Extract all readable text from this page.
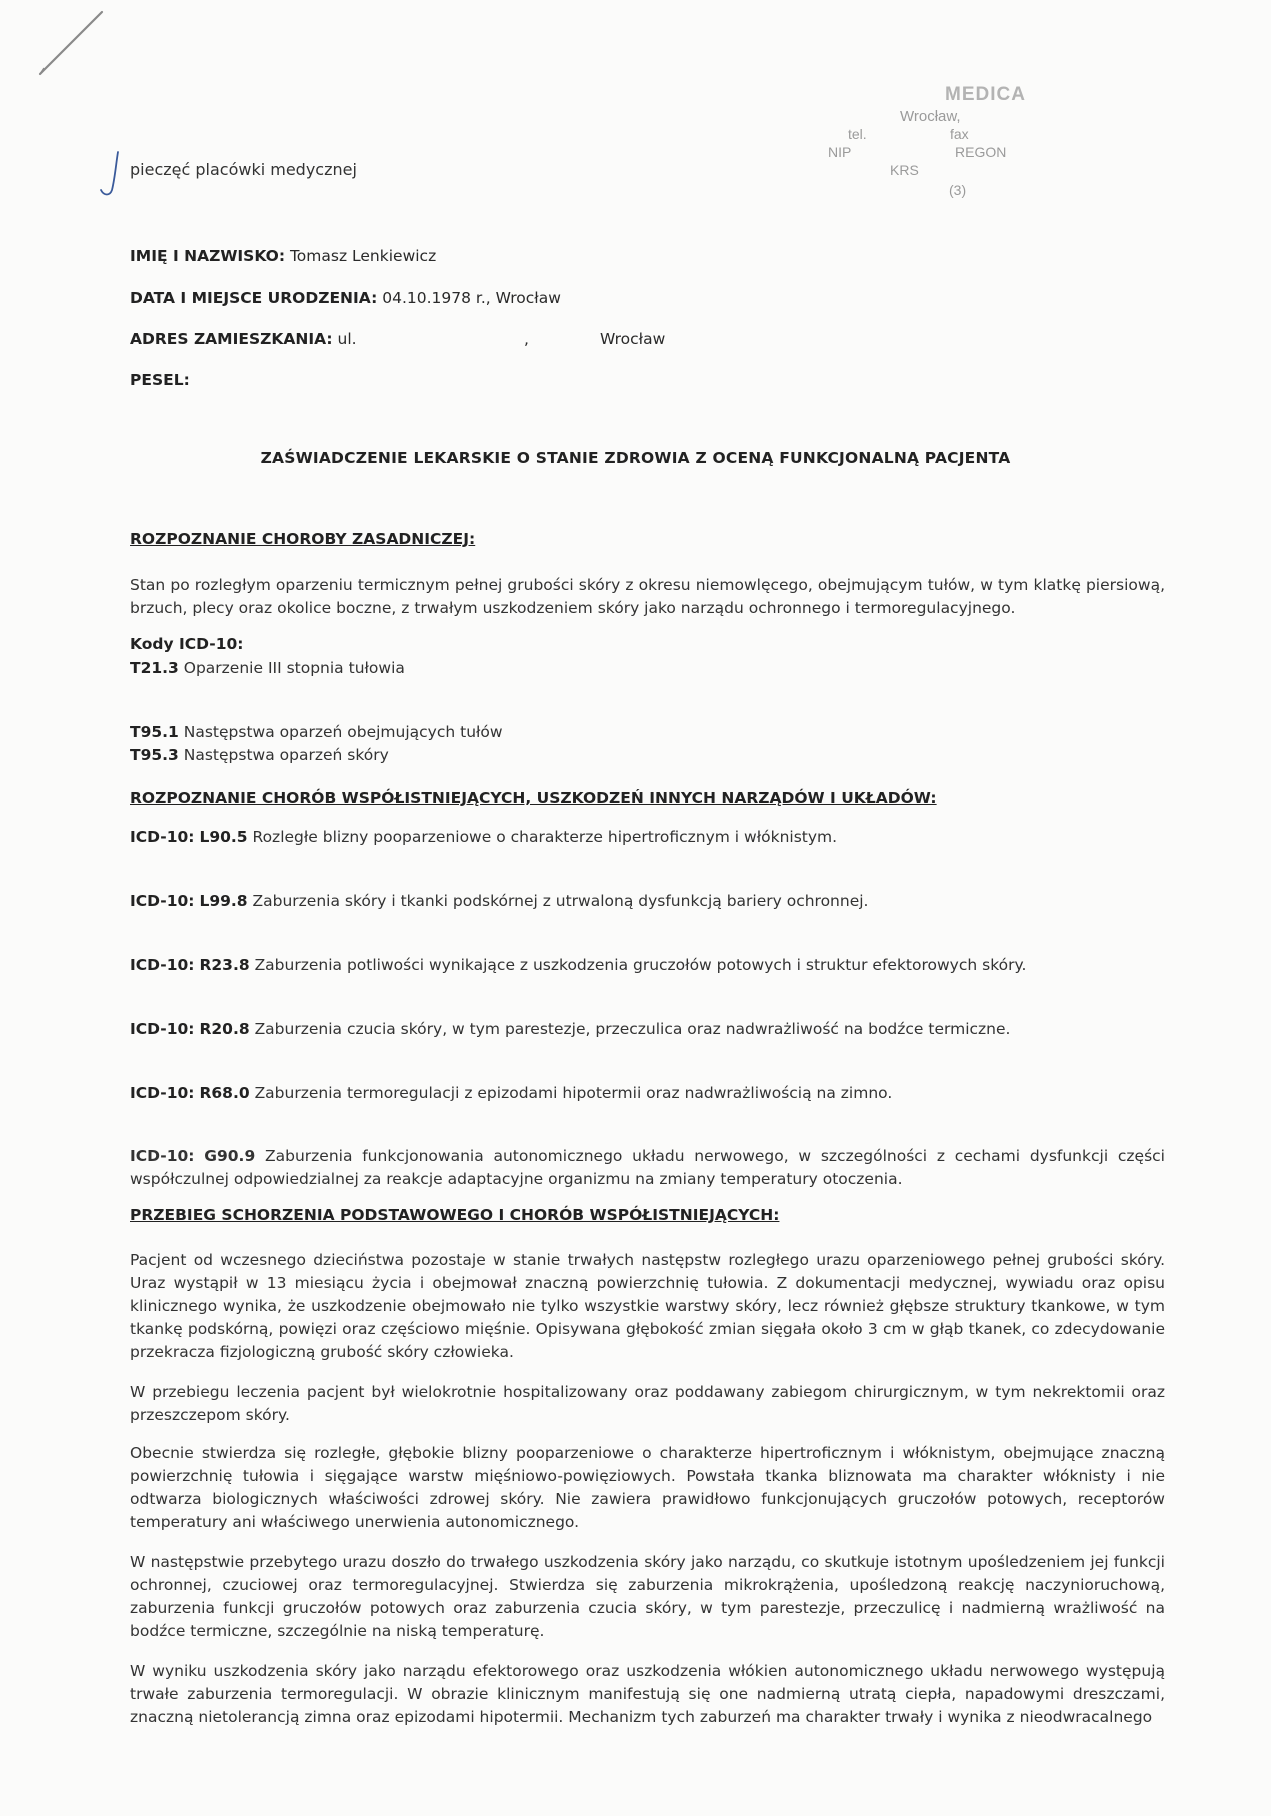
MEDICA
Wrocław,
tel.	fax
NIP	REGON
KRS
(3)
pieczęć placówki medycznej
IMIĘ I NAZWISKO: Tomasz Lenkiewicz
DATA I MIEJSCE URODZENIA: 04.10.1978 r., Wrocław
ADRES ZAMIESZKANIA: ul.	,	Wrocław
PESEL:
ZAŚWIADCZENIE LEKARSKIE O STANIE ZDROWIA Z OCENĄ FUNKCJONALNĄ PACJENTA
ROZPOZNANIE CHOROBY ZASADNICZEJ:
Stan po rozległym oparzeniu termicznym pełnej grubości skóry z okresu niemowlęcego, obejmującym tułów, w tym klatkę piersiową, brzuch, plecy oraz okolice boczne, z trwałym uszkodzeniem skóry jako narządu ochronnego i termoregulacyjnego.
Kody ICD-10:
T21.3 Oparzenie III stopnia tułowia
T95.1 Następstwa oparzeń obejmujących tułów
T95.3 Następstwa oparzeń skóry
ROZPOZNANIE CHORÓB WSPÓŁISTNIEJĄCYCH, USZKODZEŃ INNYCH NARZĄDÓW I UKŁADÓW:
ICD-10: L90.5 Rozległe blizny pooparzeniowe o charakterze hipertroficznym i włóknistym.
ICD-10: L99.8 Zaburzenia skóry i tkanki podskórnej z utrwaloną dysfunkcją bariery ochronnej.
ICD-10: R23.8 Zaburzenia potliwości wynikające z uszkodzenia gruczołów potowych i struktur efektorowych skóry.
ICD-10: R20.8 Zaburzenia czucia skóry, w tym parestezje, przeczulica oraz nadwrażliwość na bodźce termiczne.
ICD-10: R68.0 Zaburzenia termoregulacji z epizodami hipotermii oraz nadwrażliwością na zimno.
ICD-10: G90.9 Zaburzenia funkcjonowania autonomicznego układu nerwowego, w szczególności z cechami dysfunkcji części współczulnej odpowiedzialnej za reakcje adaptacyjne organizmu na zmiany temperatury otoczenia.
PRZEBIEG SCHORZENIA PODSTAWOWEGO I CHORÓB WSPÓŁISTNIEJĄCYCH:
Pacjent od wczesnego dzieciństwa pozostaje w stanie trwałych następstw rozległego urazu oparzeniowego pełnej grubości skóry. Uraz wystąpił w 13 miesiącu życia i obejmował znaczną powierzchnię tułowia. Z dokumentacji medycznej, wywiadu oraz opisu klinicznego wynika, że uszkodzenie obejmowało nie tylko wszystkie warstwy skóry, lecz również głębsze struktury tkankowe, w tym tkankę podskórną, powięzi oraz częściowo mięśnie. Opisywana głębokość zmian sięgała około 3 cm w głąb tkanek, co zdecydowanie przekracza fizjologiczną grubość skóry człowieka.
W przebiegu leczenia pacjent był wielokrotnie hospitalizowany oraz poddawany zabiegom chirurgicznym, w tym nekrektomii oraz przeszczepom skóry.
Obecnie stwierdza się rozległe, głębokie blizny pooparzeniowe o charakterze hipertroficznym i włóknistym, obejmujące znaczną powierzchnię tułowia i sięgające warstw mięśniowo-powięziowych. Powstała tkanka bliznowata ma charakter włóknisty i nie odtwarza biologicznych właściwości zdrowej skóry. Nie zawiera prawidłowo funkcjonujących gruczołów potowych, receptorów temperatury ani właściwego unerwienia autonomicznego.
W następstwie przebytego urazu doszło do trwałego uszkodzenia skóry jako narządu, co skutkuje istotnym upośledzeniem jej funkcji ochronnej, czuciowej oraz termoregulacyjnej. Stwierdza się zaburzenia mikrokrążenia, upośledzoną reakcję naczynioruchową, zaburzenia funkcji gruczołów potowych oraz zaburzenia czucia skóry, w tym parestezje, przeczulicę i nadmierną wrażliwość na bodźce termiczne, szczególnie na niską temperaturę.
W wyniku uszkodzenia skóry jako narządu efektorowego oraz uszkodzenia włókien autonomicznego układu nerwowego występują trwałe zaburzenia termoregulacji. W obrazie klinicznym manifestują się one nadmierną utratą ciepła, napadowymi dreszczami, znaczną nietolerancją zimna oraz epizodami hipotermii. Mechanizm tych zaburzeń ma charakter trwały i wynika z nieodwracalnego
